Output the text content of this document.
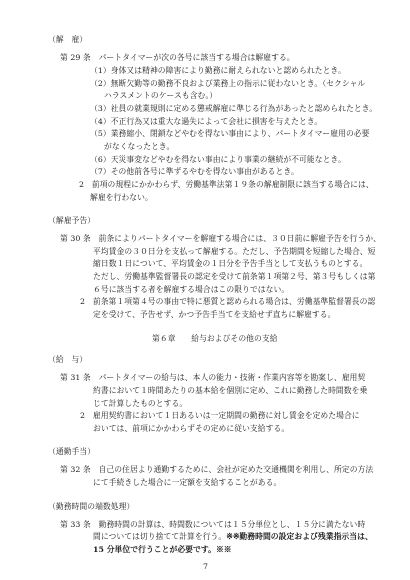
（解　雇）
第 29 条　パートタイマーが次の各号に該当する場合は解雇する。
（1）身体又は精神の障害により勤務に耐えられないと認められたとき。
（2）無断欠勤等の勤務不良および業務上の指示に従わないとき。（セクシャル
ハラスメントのケースも含む。）
（3）社員の就業規則に定める懲戒解雇に準じる行為があったと認められたとき。
（4）不正行為又は重大な過失によって会社に損害を与えたとき。
（5）業務縮小、閉鎖などやむを得ない事由により、パートタイマー雇用の必要
がなくなったとき。
（6）天災事変などやむを得ない事由により事業の継続が不可能なとき。
（7）その他前各号に準ずるやむを得ない事由があるとき。
2　前項の規程にかかわらず、労働基準法第１９条の解雇制限に該当する場合には、
解雇を行わない。
（解雇予告）
第 30 条　前条によりパートタイマーを解雇する場合には、３０日前に解雇予告を行うか、
平均賃金の３０日分を支払って解雇する。ただし、予告期間を短縮した場合、短
縮日数１日について、平均賃金の１日分を予告手当として支払うものとする。
ただし、労働基準監督署長の認定を受けて前条第１項第２号、第３号もしくは第
６号に該当する者を解雇する場合はこの限りではない。
2　前条第１項第４号の事由で特に悪質と認められる場合は、労働基準監督署長の認
定を受けて、予告せず、かつ予告手当てを支給せず直ちに解雇する。
第６章　　給与およびその他の支給
（給　与）
第 31 条　パートタイマーの給与は、本人の能力・技術・作業内容等を勘案し、雇用契
約書において１時間あたりの基本給を個別に定め、これに勤務した時間数を乗
じて計算したものとする。
2　雇用契約書において１日あるいは一定期間の勤務に対し賃金を定めた場合に
おいては、前項にかかわらずその定めに従い支給する。
（通勤手当）
第 32 条　自己の住居より通勤するために、会社が定めた交通機関を利用し、所定の方法
にて手続きした場合に一定額を支給することがある。
（勤務時間の端数処理）
第 33 条　勤務時間の計算は、時間数については１５分単位とし、１５分に満たない時
間については切り捨てて計算を行う。※※勤務時間の設定および残業指示当は、
15 分単位で行うことが必要です。※※
7
